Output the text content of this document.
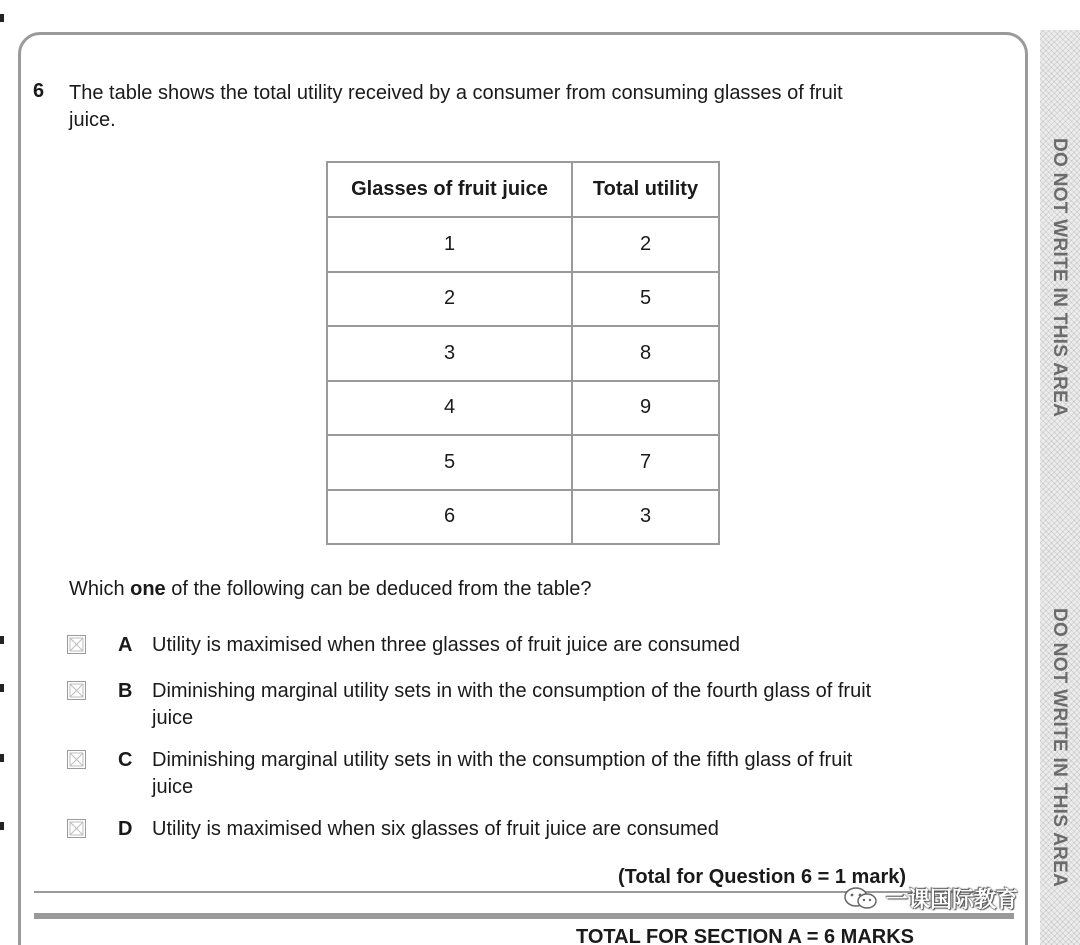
DO NOT WRITE IN THIS AREA
DO NOT WRITE IN THIS AREA
6 The table shows the total utility received by a consumer from consuming glasses of fruit juice.
Glasses of fruit juice	Total utility
1	2
2	5
3	8
4	9
5	7
6	3
Which one of the following can be deduced from the table?
A Utility is maximised when three glasses of fruit juice are consumed
B Diminishing marginal utility sets in with the consumption of the fourth glass of fruit juice
C Diminishing marginal utility sets in with the consumption of the fifth glass of fruit juice
D Utility is maximised when six glasses of fruit juice are consumed
(Total for Question 6 = 1 mark)
TOTAL FOR SECTION A = 6 MARKS
一课国际教育
